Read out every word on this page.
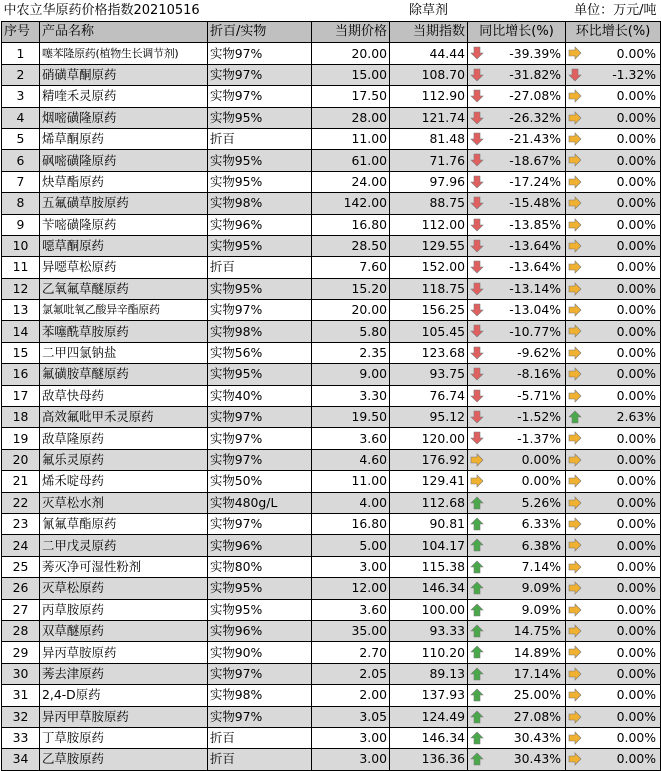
中农立华原药价格指数20210516				除草剂	单位：万元/吨	
序号	产品名称	折百/实物	当期价格	当期指数	同比增长(%)	环比增长(%)
1	噻苯隆原药(植物生长调节剂)	实物97%	20.00	44.44	-39.39%	0.00%
2	硝磺草酮原药	实物97%	15.00	108.70	-31.82%	-1.32%
3	精喹禾灵原药	实物97%	17.50	112.90	-27.08%	0.00%
4	烟嘧磺隆原药	实物95%	28.00	121.74	-26.32%	0.00%
5	烯草酮原药	折百	11.00	81.48	-21.43%	0.00%
6	砜嘧磺隆原药	实物95%	61.00	71.76	-18.67%	0.00%
7	炔草酯原药	实物95%	24.00	97.96	-17.24%	0.00%
8	五氟磺草胺原药	实物98%	142.00	88.75	-15.48%	0.00%
9	苄嘧磺隆原药	实物96%	16.80	112.00	-13.85%	0.00%
10	噁草酮原药	实物95%	28.50	129.55	-13.64%	0.00%
11	异噁草松原药	折百	7.60	152.00	-13.64%	0.00%
12	乙氧氟草醚原药	实物95%	15.20	118.75	-13.14%	0.00%
13	氯氟吡氧乙酸异辛酯原药	实物97%	20.00	156.25	-13.04%	0.00%
14	苯噻酰草胺原药	实物98%	5.80	105.45	-10.77%	0.00%
15	二甲四氯钠盐	实物56%	2.35	123.68	-9.62%	0.00%
16	氟磺胺草醚原药	实物95%	9.00	93.75	-8.16%	0.00%
17	敌草快母药	实物40%	3.30	76.74	-5.71%	0.00%
18	高效氟吡甲禾灵原药	实物97%	19.50	95.12	-1.52%	2.63%
19	敌草隆原药	实物97%	3.60	120.00	-1.37%	0.00%
20	氟乐灵原药	实物97%	4.60	176.92	0.00%	0.00%
21	烯禾啶母药	实物50%	11.00	129.41	0.00%	0.00%
22	灭草松水剂	实物480g/L	4.00	112.68	5.26%	0.00%
23	氰氟草酯原药	实物97%	16.80	90.81	6.33%	0.00%
24	二甲戊灵原药	实物96%	5.00	104.17	6.38%	0.00%
25	莠灭净可湿性粉剂	实物80%	3.00	115.38	7.14%	0.00%
26	灭草松原药	实物95%	12.00	146.34	9.09%	0.00%
27	丙草胺原药	实物95%	3.60	100.00	9.09%	0.00%
28	双草醚原药	实物96%	35.00	93.33	14.75%	0.00%
29	异丙草胺原药	实物90%	2.70	110.20	14.89%	0.00%
30	莠去津原药	实物97%	2.05	89.13	17.14%	0.00%
31	2,4-D原药	实物98%	2.00	137.93	25.00%	0.00%
32	异丙甲草胺原药	实物97%	3.05	124.49	27.08%	0.00%
33	丁草胺原药	折百	3.00	146.34	30.43%	0.00%
34	乙草胺原药	折百	3.00	136.36	30.43%	0.00%
